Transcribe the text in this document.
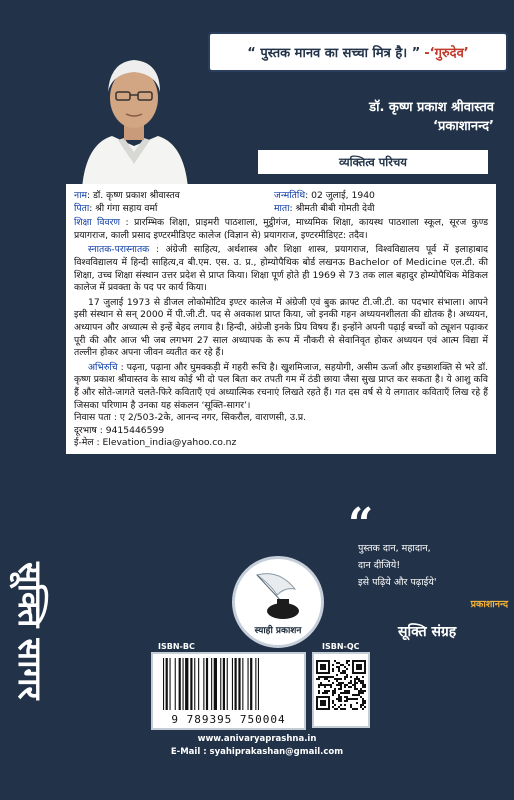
“ पुस्तक मानव का सच्चा मित्र है। ” -‘गुरुदेव’
डॉ. कृष्ण प्रकाश श्रीवास्तव
‘प्रकाशानन्द’
व्यक्तित्व परिचय
नाम: डॉ. कृष्ण प्रकाश श्रीवास्तव	जन्मतिथि: 02 जुलाई, 1940
पिता: श्री गंगा सहाय वर्मा	माता: श्रीमती बीबी गोमती देवी

शिक्षा विवरण : प्रारम्भिक शिक्षा, प्राइमरी पाठशाला, मुट्ठीगंज, माध्यमिक शिक्षा, कायस्थ पाठशाला स्कूल, सूरज कुण्ड प्रयागराज, काली प्रसाद इण्टरमीडिएट कालेज (विज्ञान से) प्रयागराज, इण्टरमीडिएट: तदैव।

स्नातक-परास्नातक : अंग्रेजी साहित्य, अर्थशास्त्र और शिक्षा शास्त्र, प्रयागराज, विश्वविद्यालय पूर्व में इलाहाबाद विश्वविद्यालय में हिन्दी साहित्य,व बी.एम. एस. उ. प्र., होम्योपैथिक बोर्ड लखनऊ Bachelor of Medicine एल.टी. की शिक्षा, उच्च शिक्षा संस्थान उत्तर प्रदेश से प्राप्त किया। शिक्षा पूर्ण होते ही 1969 से 73 तक लाल बहादुर होम्योपैथिक मेडिकल कालेज में प्रवक्ता के पद पर कार्य किया।

17 जुलाई 1973 से डीजल लोकोमोटिव इण्टर कालेज में अंग्रेजी एवं बुक क्राफ्ट टी.जी.टी. का पदभार संभाला। आपने इसी संस्थान से सन् 2000 में पी.जी.टी. पद से अवकाश प्राप्त किया, जो इनकी गहन अध्ययनशीलता की द्योतक है। अध्ययन, अध्यापन और अध्यात्म से इन्हें बेहद लगाव है। हिन्दी, अंग्रेजी इनके प्रिय विषय हैं। इन्होंने अपनी पढ़ाई बच्चों को ट्यूशन पढ़ाकर पूरी की और आज भी जब लगभग 27 साल अध्यापक के रूप में नौकरी से सेवानिवृत होकर अध्ययन एवं आत्म विद्या में तल्लीन होकर अपना जीवन व्यतीत कर रहे हैं।

अभिरुचि : पढ़ना, पढ़ाना और घुमक्कड़ी में गहरी रूचि है। खुशमिजाज, सहयोगी, असीम ऊर्जा और इच्छाशक्ति से भरे डॉ. कृष्ण प्रकाश श्रीवास्तव के साथ कोई भी दो पल बिता कर तपती गम में ठंडी छाया जैसा सुख प्राप्त कर सकता है। ये आशु कवि हैं और सोते-जागते चलते-फिरे कविताएँ एवं अध्यात्मिक रचनाएं लिखते रहते हैं। गत दस वर्ष से ये लगातार कविताएँ लिख रहे हैं जिसका परिणाम है उनका यह संकलन ‘सूक्ति-सागर’।

निवास पता : ए 2/503-2के, आनन्द नगर, सिकरौल, वाराणसी, उ.प्र.

दूरभाष : 9415446599

ई-मेल : Elevation_india@yahoo.co.nz

“
पुस्तक दान, महादान,
दान दीजिये!
इसे पढ़िये और पढ़ाईये'
प्रकाशानन्द
सूक्ति सागर	स्याही प्रकाशन	सूक्ति संग्रह
ISBN-BC	ISBN-QC
9 789395 750004
www.anivaryaprashna.in
E-Mail : syahiprakashan@gmail.com
